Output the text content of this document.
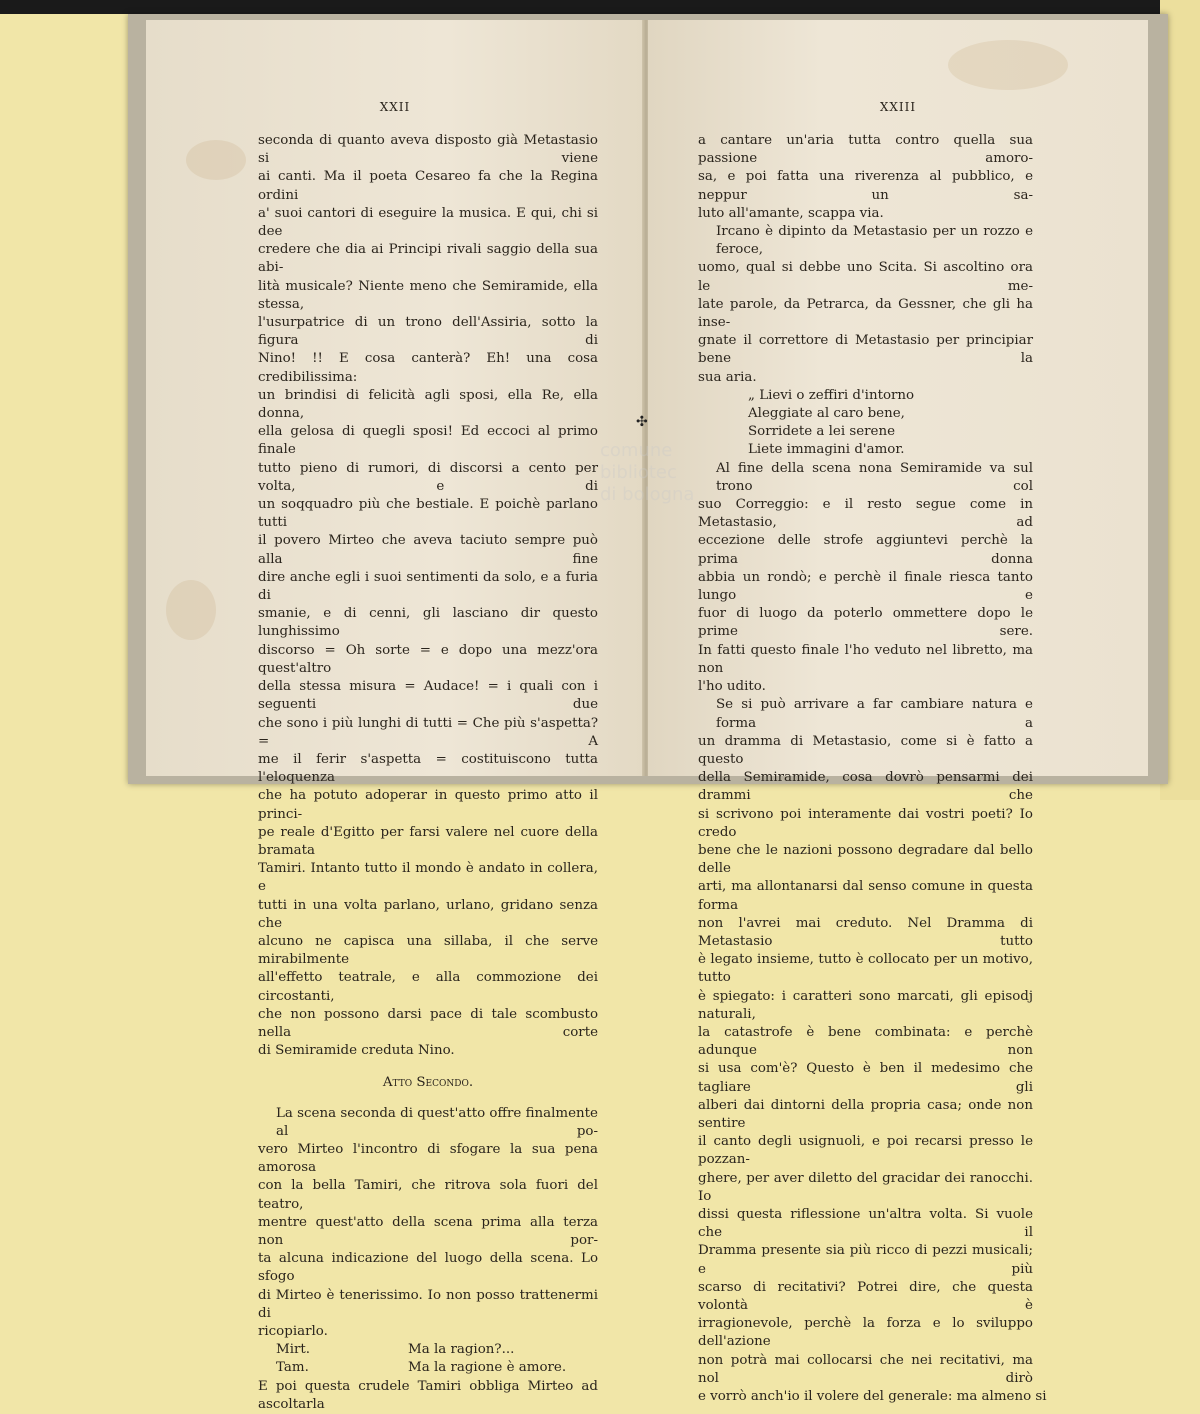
XXII
seconda di quanto aveva disposto già Metastasio si viene
ai canti. Ma il poeta Cesareo fa che la Regina ordini
a' suoi cantori di eseguire la musica. E qui, chi si dee
credere che dia ai Principi rivali saggio della sua abi-
lità musicale? Niente meno che Semiramide, ella stessa,
l'usurpatrice di un trono dell'Assiria, sotto la figura di
Nino! !! E cosa canterà? Eh! una cosa credibilissima:
un brindisi di felicità agli sposi, ella Re, ella donna,
ella gelosa di quegli sposi! Ed eccoci al primo finale
tutto pieno di rumori, di discorsi a cento per volta, e di
un soqquadro più che bestiale. E poichè parlano tutti
il povero Mirteo che aveva taciuto sempre può alla fine
dire anche egli i suoi sentimenti da solo, e a furia di
smanie, e di cenni, gli lasciano dir questo lunghissimo
discorso = Oh sorte = e dopo una mezz'ora quest'altro
della stessa misura = Audace! = i quali con i seguenti due
che sono i più lunghi di tutti = Che più s'aspetta? = A
me il ferir s'aspetta = costituiscono tutta l'eloquenza
che ha potuto adoperar in questo primo atto il princi-
pe reale d'Egitto per farsi valere nel cuore della bramata
Tamiri. Intanto tutto il mondo è andato in collera, e
tutti in una volta parlano, urlano, gridano senza che
alcuno ne capisca una sillaba, il che serve mirabilmente
all'effetto teatrale, e alla commozione dei circostanti,
che non possono darsi pace di tale scombusto nella corte
di Semiramide creduta Nino.
Atto Secondo.
La scena seconda di quest'atto offre finalmente al po-
vero Mirteo l'incontro di sfogare la sua pena amorosa
con la bella Tamiri, che ritrova sola fuori del teatro,
mentre quest'atto della scena prima alla terza non por-
ta alcuna indicazione del luogo della scena. Lo sfogo
di Mirteo è tenerissimo. Io non posso trattenermi di
ricopiarlo.
Mirt.	Ma la ragion?...
Tam.	Ma la ragione è amore.
E poi questa crudele Tamiri obbliga Mirteo ad ascoltarla
XXIII
a cantare un'aria tutta contro quella sua passione amoro-
sa, e poi fatta una riverenza al pubblico, e neppur un sa-
luto all'amante, scappa via.
Ircano è dipinto da Metastasio per un rozzo e feroce,
uomo, qual si debbe uno Scita. Si ascoltino ora le me-
late parole, da Petrarca, da Gessner, che gli ha inse-
gnate il correttore di Metastasio per principiar bene la
sua aria.
„ Lievi o zeffiri d'intorno
Aleggiate al caro bene,
Sorridete a lei serene
Liete immagini d'amor.
Al fine della scena nona Semiramide va sul trono col
suo Correggio: e il resto segue come in Metastasio, ad
eccezione delle strofe aggiuntevi perchè la prima donna
abbia un rondò; e perchè il finale riesca tanto lungo e
fuor di luogo da poterlo ommettere dopo le prime sere.
In fatti questo finale l'ho veduto nel libretto, ma non
l'ho udito.
Se si può arrivare a far cambiare natura e forma a
un dramma di Metastasio, come si è fatto a questo
della Semiramide, cosa dovrò pensarmi dei drammi che
si scrivono poi interamente dai vostri poeti? Io credo
bene che le nazioni possono degradare dal bello delle
arti, ma allontanarsi dal senso comune in questa forma
non l'avrei mai creduto. Nel Dramma di Metastasio tutto
è legato insieme, tutto è collocato per un motivo, tutto
è spiegato: i caratteri sono marcati, gli episodj naturali,
la catastrofe è bene combinata: e perchè adunque non
si usa com'è? Questo è ben il medesimo che tagliare gli
alberi dai dintorni della propria casa; onde non sentire
il canto degli usignuoli, e poi recarsi presso le pozzan-
ghere, per aver diletto del gracidar dei ranocchi. Io
dissi questa riflessione un'altra volta. Si vuole che il
Dramma presente sia più ricco di pezzi musicali; e più
scarso di recitativi? Potrei dire, che questa volontà è
irragionevole, perchè la forza e lo sviluppo dell'azione
non potrà mai collocarsi che nei recitativi, ma nol dirò
e vorrò anch'io il volere del generale: ma almeno si
✣
comune
bibliotec
di bologna
